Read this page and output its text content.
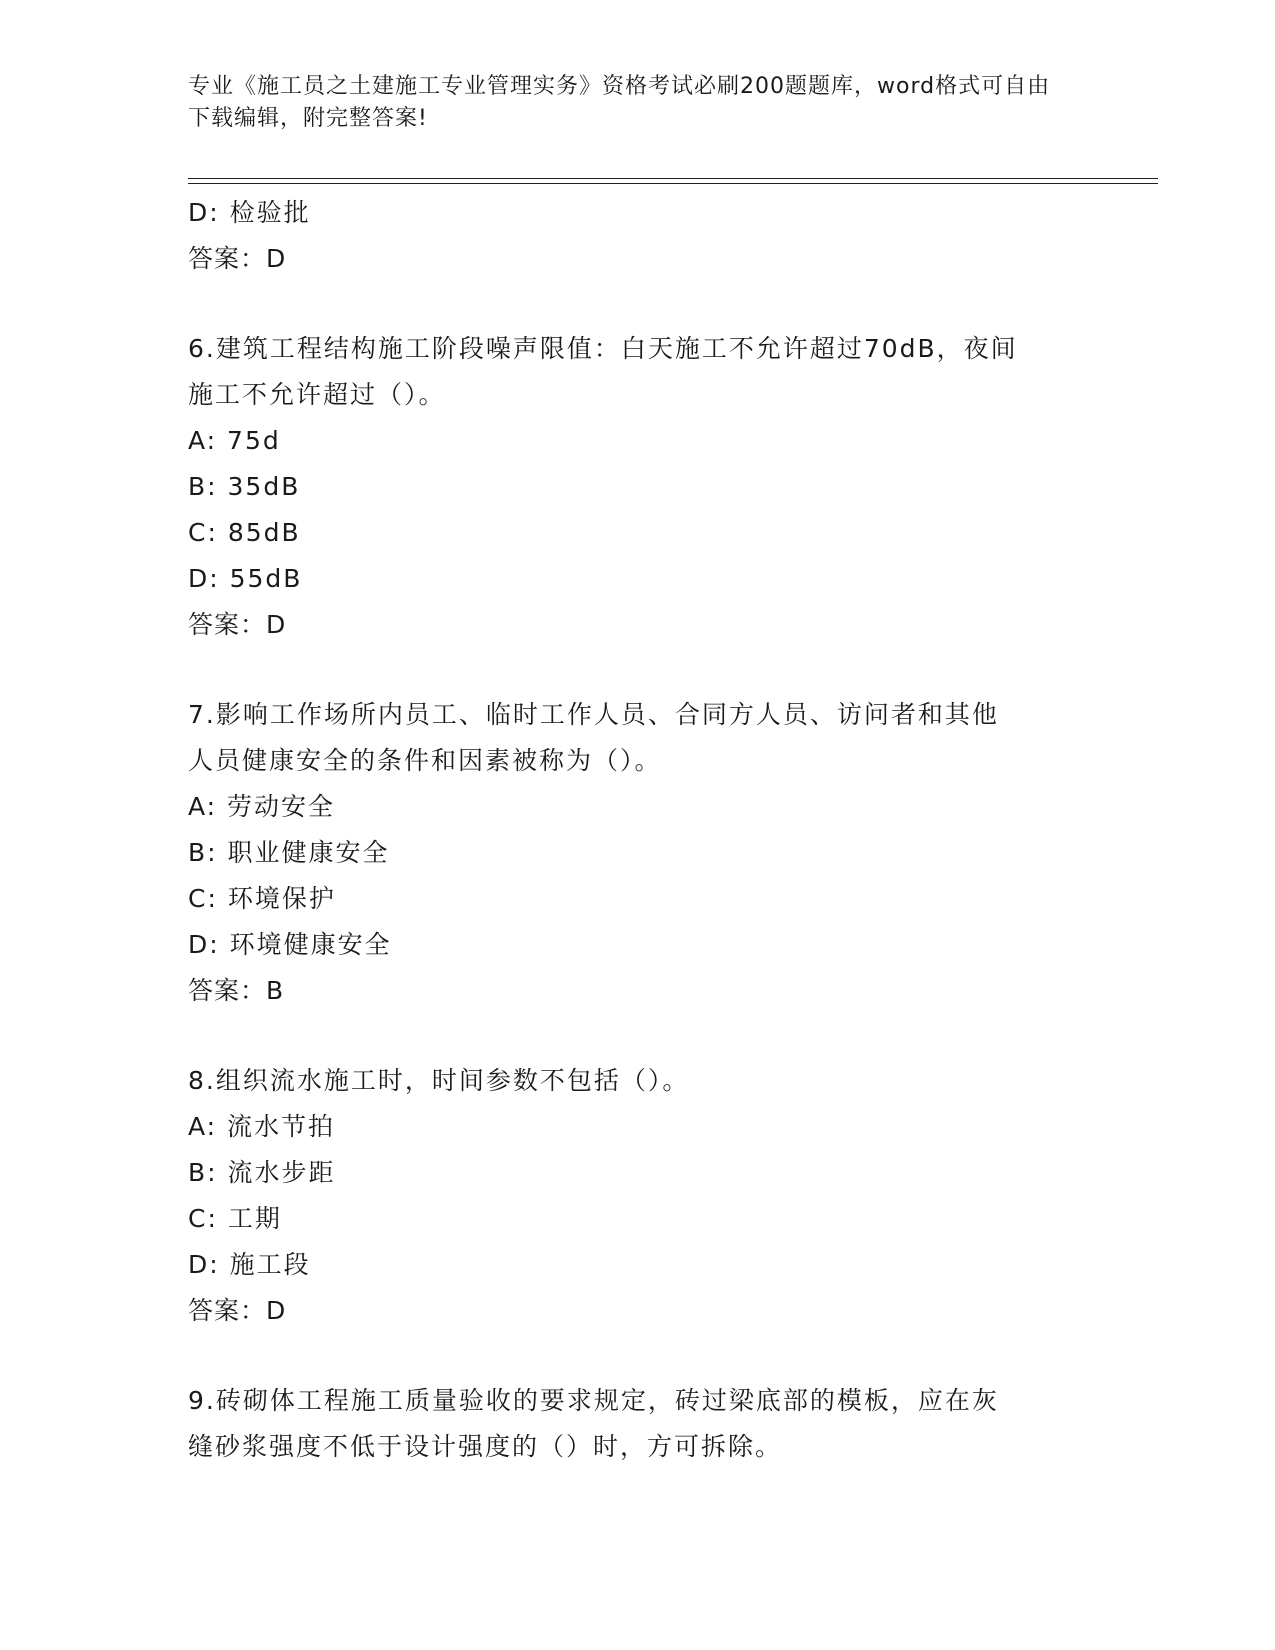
专业《施工员之土建施工专业管理实务》资格考试必刷200题题库，word格式可自由下载编辑，附完整答案!
D: 检验批
答案：D
6.建筑工程结构施工阶段噪声限值：白天施工不允许超过70dB，夜间
施工不允许超过（）。
A: 75d
B: 35dB
C: 85dB
D: 55dB
答案：D
7.影响工作场所内员工、临时工作人员、合同方人员、访问者和其他
人员健康安全的条件和因素被称为（）。
A: 劳动安全
B: 职业健康安全
C: 环境保护
D: 环境健康安全
答案：B
8.组织流水施工时，时间参数不包括（）。
A: 流水节拍
B: 流水步距
C: 工期
D: 施工段
答案：D
9.砖砌体工程施工质量验收的要求规定，砖过梁底部的模板，应在灰
缝砂浆强度不低于设计强度的（）时，方可拆除。
